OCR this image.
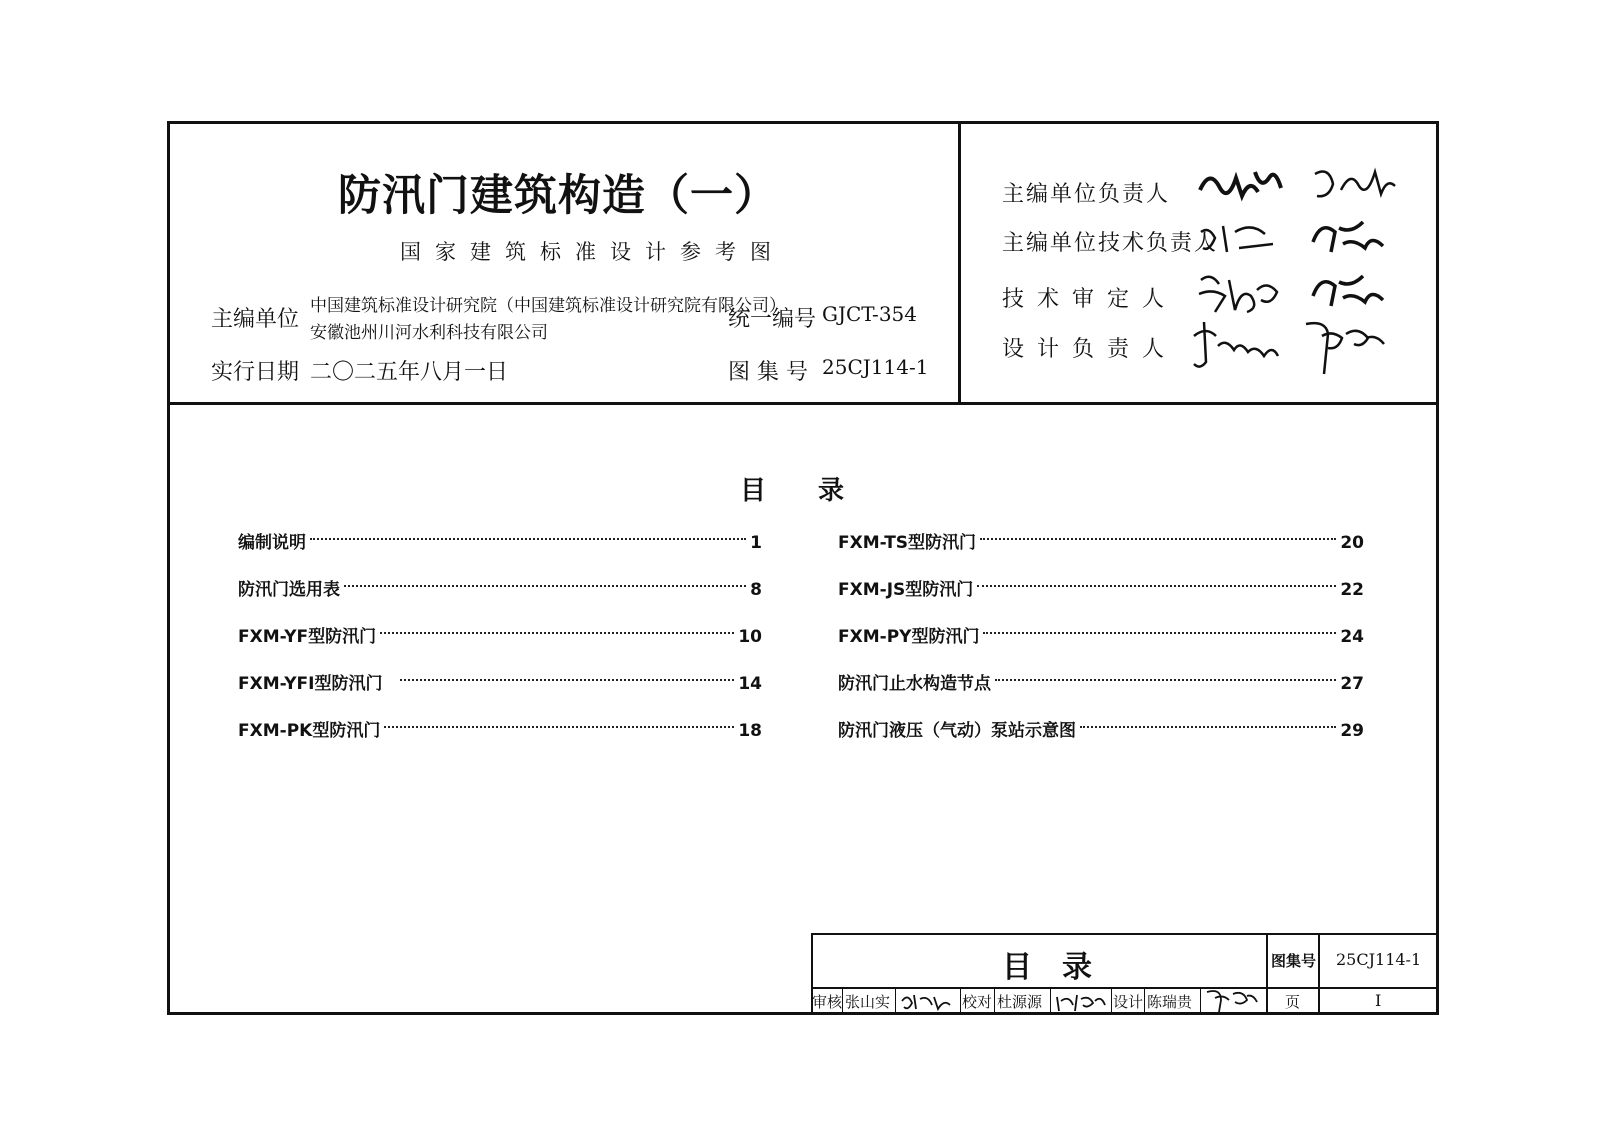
防汛门建筑构造（一）
国家建筑标准设计参考图
主编单位
中国建筑标准设计研究院（中国建筑标准设计研究院有限公司）
安徽池州川河水利科技有限公司
统一编号 GJCT-354
实行日期 二〇二五年八月一日	图 集 号 25CJ114-1
主编单位负责人
主编单位技术负责人
技 术 审 定 人
设 计 负 责 人
目　　录
编制说明	1
防汛门选用表	8
FXM-YF型防汛门	10
FXM-YFI型防汛门	14
FXM-PK型防汛门	18
FXM-TS型防汛门	20
FXM-JS型防汛门	22
FXM-PY型防汛门	24
防汛门止水构造节点	27
防汛门液压（气动）泵站示意图	29
目　录	图集号 25CJ114-1
审核 张山实	校对 杜源源	设计 陈瑞贵	页	I
